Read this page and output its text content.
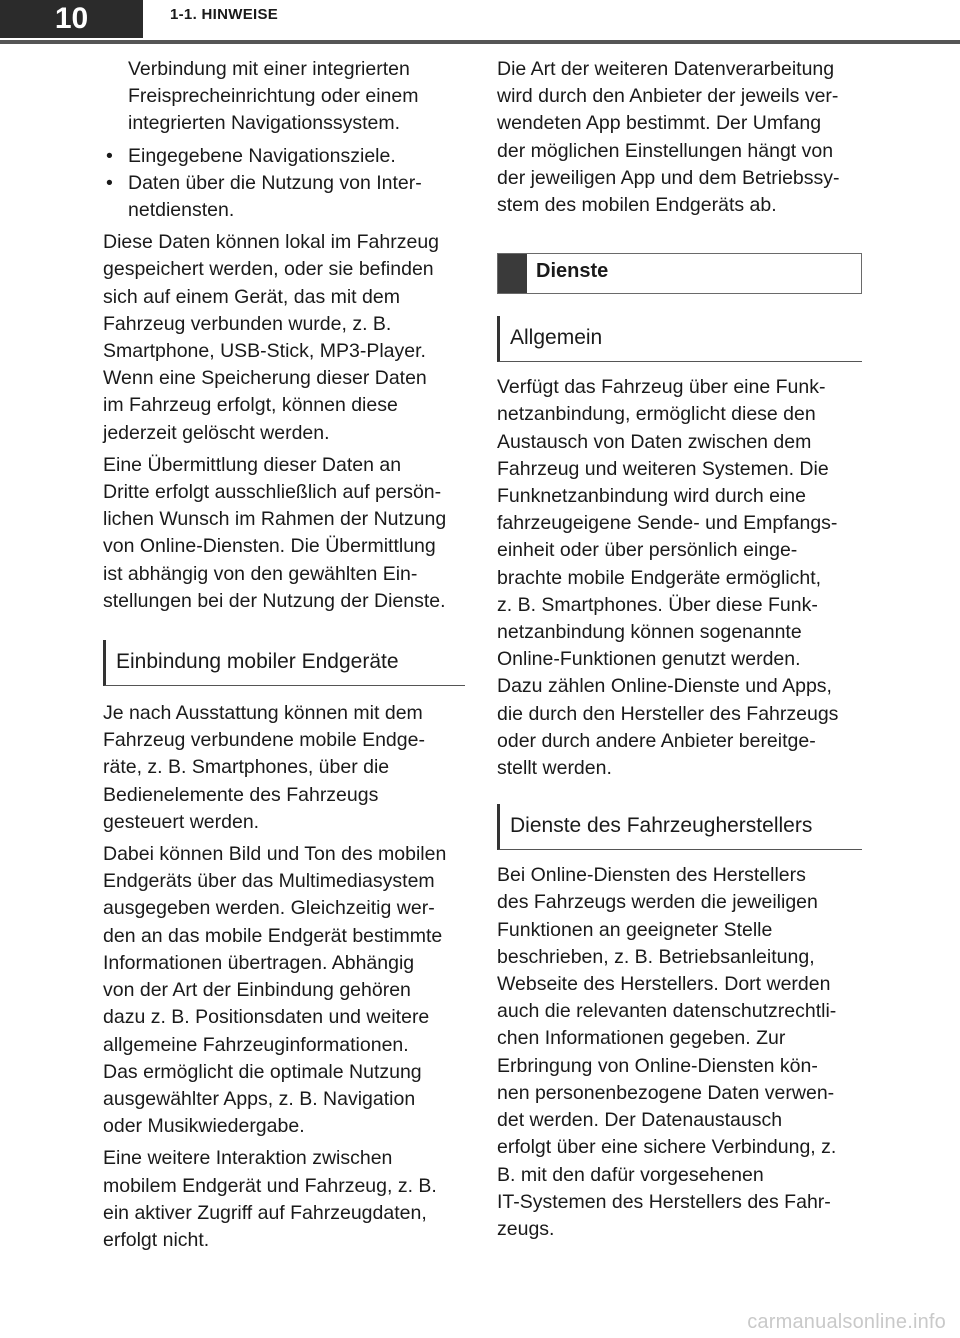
10	1-1. HINWEISE
Verbindung mit einer integrierten
Freisprecheinrichtung oder einem
integrierten Navigationssystem.
• Eingegebene Navigationsziele.
• Daten über die Nutzung von Inter-
netdiensten.
Diese Daten können lokal im Fahrzeug
gespeichert werden, oder sie befinden
sich auf einem Gerät, das mit dem
Fahrzeug verbunden wurde, z. B.
Smartphone, USB-Stick, MP3-Player.
Wenn eine Speicherung dieser Daten
im Fahrzeug erfolgt, können diese
jederzeit gelöscht werden.
Eine Übermittlung dieser Daten an
Dritte erfolgt ausschließlich auf persön-
lichen Wunsch im Rahmen der Nutzung
von Online-Diensten. Die Übermittlung
ist abhängig von den gewählten Ein-
stellungen bei der Nutzung der Dienste.
Einbindung mobiler Endgeräte
Je nach Ausstattung können mit dem
Fahrzeug verbundene mobile Endge-
räte, z. B. Smartphones, über die
Bedienelemente des Fahrzeugs
gesteuert werden.
Dabei können Bild und Ton des mobilen
Endgeräts über das Multimediasystem
ausgegeben werden. Gleichzeitig wer-
den an das mobile Endgerät bestimmte
Informationen übertragen. Abhängig
von der Art der Einbindung gehören
dazu z. B. Positionsdaten und weitere
allgemeine Fahrzeuginformationen.
Das ermöglicht die optimale Nutzung
ausgewählter Apps, z. B. Navigation
oder Musikwiedergabe.
Eine weitere Interaktion zwischen
mobilem Endgerät und Fahrzeug, z. B.
ein aktiver Zugriff auf Fahrzeugdaten,
erfolgt nicht.
Die Art der weiteren Datenverarbeitung
wird durch den Anbieter der jeweils ver-
wendeten App bestimmt. Der Umfang
der möglichen Einstellungen hängt von
der jeweiligen App und dem Betriebssy-
stem des mobilen Endgeräts ab.
Dienste
Allgemein
Verfügt das Fahrzeug über eine Funk-
netzanbindung, ermöglicht diese den
Austausch von Daten zwischen dem
Fahrzeug und weiteren Systemen. Die
Funknetzanbindung wird durch eine
fahrzeugeigene Sende- und Empfangs-
einheit oder über persönlich einge-
brachte mobile Endgeräte ermöglicht,
z. B. Smartphones. Über diese Funk-
netzanbindung können sogenannte
Online-Funktionen genutzt werden.
Dazu zählen Online-Dienste und Apps,
die durch den Hersteller des Fahrzeugs
oder durch andere Anbieter bereitge-
stellt werden.
Dienste des Fahrzeugherstellers
Bei Online-Diensten des Herstellers
des Fahrzeugs werden die jeweiligen
Funktionen an geeigneter Stelle
beschrieben, z. B. Betriebsanleitung,
Webseite des Herstellers. Dort werden
auch die relevanten datenschutzrechtli-
chen Informationen gegeben. Zur
Erbringung von Online-Diensten kön-
nen personenbezogene Daten verwen-
det werden. Der Datenaustausch
erfolgt über eine sichere Verbindung, z.
B. mit den dafür vorgesehenen
IT-Systemen des Herstellers des Fahr-
zeugs.
carmanualsonline.info
